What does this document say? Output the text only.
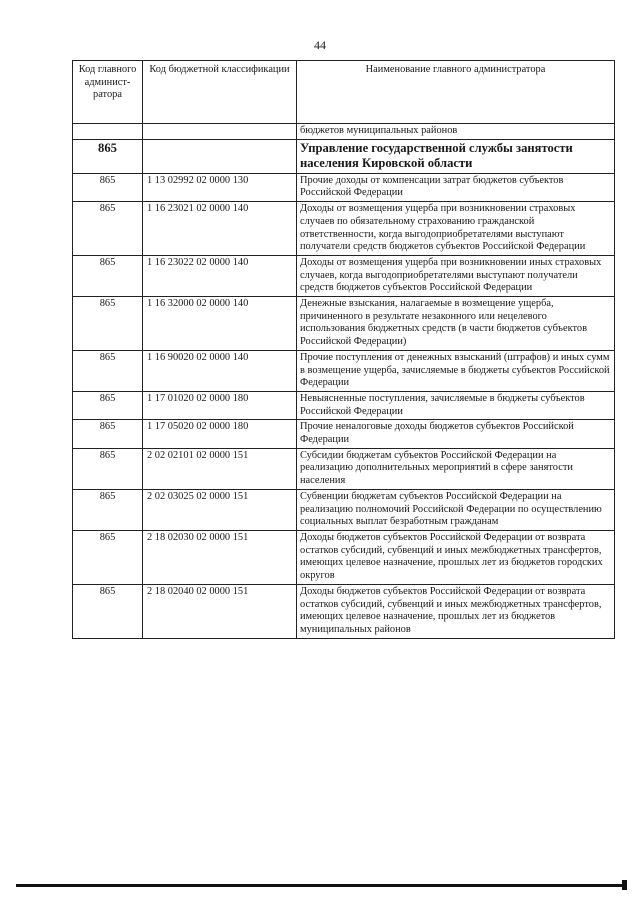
44
Код главного админист-ратора	Код бюджетной классификации	Наименование главного администратора
		бюджетов муниципальных районов
865		Управление государственной службы занятости населения Кировской области
865	1 13 02992 02 0000 130	Прочие доходы от компенсации затрат бюджетов субъектов Российской Федерации
865	1 16 23021 02 0000 140	Доходы от возмещения ущерба при возникновении страховых случаев по обязательному страхованию гражданской ответственности, когда выгодоприобретателями выступают получатели средств бюджетов субъектов Российской Федерации
865	1 16 23022 02 0000 140	Доходы от возмещения ущерба при возникновении иных страховых случаев, когда выгодоприобретателями выступают получатели средств бюджетов субъектов Российской Федерации
865	1 16 32000 02 0000 140	Денежные взыскания, налагаемые в возмещение ущерба, причиненного в результате незаконного или нецелевого использования бюджетных средств (в части бюджетов субъектов Российской Федерации)
865	1 16 90020 02 0000 140	Прочие поступления от денежных взысканий (штрафов) и иных сумм в возмещение ущерба, зачисляемые в бюджеты субъектов Российской Федерации
865	1 17 01020 02 0000 180	Невыясненные поступления, зачисляемые в бюджеты субъектов Российской Федерации
865	1 17 05020 02 0000 180	Прочие неналоговые доходы бюджетов субъектов Российской Федерации
865	2 02 02101 02 0000 151	Субсидии бюджетам субъектов Российской Федерации на реализацию дополнительных мероприятий в сфере занятости населения
865	2 02 03025 02 0000 151	Субвенции бюджетам субъектов Российской Федерации на реализацию полномочий Российской Федерации по осуществлению социальных выплат безработным гражданам
865	2 18 02030 02 0000 151	Доходы бюджетов субъектов Российской Федерации от возврата остатков субсидий, субвенций и иных межбюджетных трансфертов, имеющих целевое назначение, прошлых лет из бюджетов городских округов
865	2 18 02040 02 0000 151	Доходы бюджетов субъектов Российской Федерации от возврата остатков субсидий, субвенций и иных межбюджетных трансфертов, имеющих целевое назначение, прошлых лет из бюджетов муниципальных районов
